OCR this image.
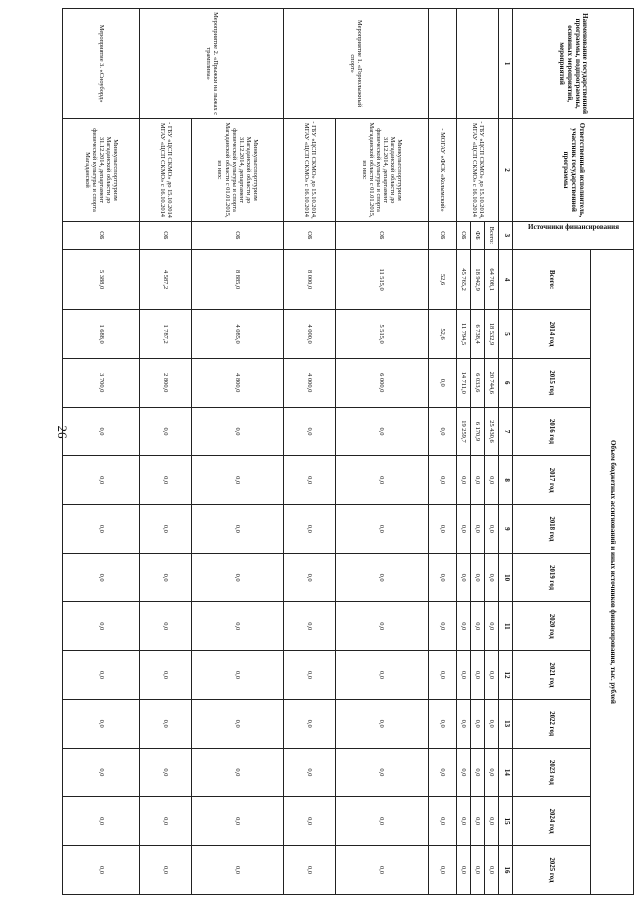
26
Наименование государственной программы, подпрограммы, основных мероприятий, мероприятий	Ответственный исполнитель, участник государственной программы	Источники финансирования	Объем бюджетных ассигнований и иных источников финансирования, тыс. рублей												
			Всего:	2014 год	2015 год	2016 год	2017 год	2018 год	2019 год	2020 год	2021 год	2022 год	2023 год	2024 год	2025 год
1	2	3	4	5	6	7	8	9	10	11	12	13	14	15	16
	- ГБУ «ЦСП СКМО» до 15.10.2014, МГАУ «ЦСП СКМО» с 16.10.2014	Всего:	64 708,1	18 532,9	20 744,6	25 430,6	0,0	0,0	0,0	0,0	0,0	0,0	0,0	0,0	0,0
		ФБ	18 942,9	6 738,4	6 033,6	6 170,9	0,0	0,0	0,0	0,0	0,0	0,0	0,0	0,0	0,0
		ОБ	45 765,2	11 794,5	14 711,0	19 259,7	0,0	0,0	0,0	0,0	0,0	0,0	0,0	0,0	0,0
	- МОГАУ «ФСК «Колымский»	ОБ	52,6	52,6	0,0	0,0	0,0	0,0	0,0	0,0	0,0	0,0	0,0	0,0	0,0
Мероприятие 1. «Горнолыжный спорт»	Минкультспорттуризм Магаданской области до 31.12.2014, департамент физической культуры и спорта Магаданской области с 01.01.2015, из них:	ОБ	11 515,0	5 515,0	6 000,0	0,0	0,0	0,0	0,0	0,0	0,0	0,0	0,0	0,0	0,0
	- ГБУ «ЦСП СКМО» до 15.10.2014, МГАУ «ЦСП СКМО» с 16.10.2014	ОБ	8 000,0	4 000,0	4 000,0	0,0	0,0	0,0	0,0	0,0	0,0	0,0	0,0	0,0	0,0
Мероприятие 2. «Прыжки на лыжах с трамплина»	Минкультспорттуризм Магаданской области до 31.12.2014, департамент физической культуры и спорта Магаданской области с 01.01.2015, из них:	ОБ	8 885,0	4 085,0	4 800,0	0,0	0,0	0,0	0,0	0,0	0,0	0,0	0,0	0,0	0,0
	- ГБУ «ЦСП СКМО» до 15.10.2014 МГАУ «ЦСП СКМО» с 16.10.2014	ОБ	4 587,2	1 787,2	2 800,0	0,0	0,0	0,0	0,0	0,0	0,0	0,0	0,0	0,0	0,0
Мероприятие 3. «Сноуборд»	Минкультспорттуризм Магаданской области до 31.12.2014, департамент физической культуры и спорта Магаданской	ОБ	5 388,0	1 688,0	3 700,0	0,0	0,0	0,0	0,0	0,0	0,0	0,0	0,0	0,0	0,0
